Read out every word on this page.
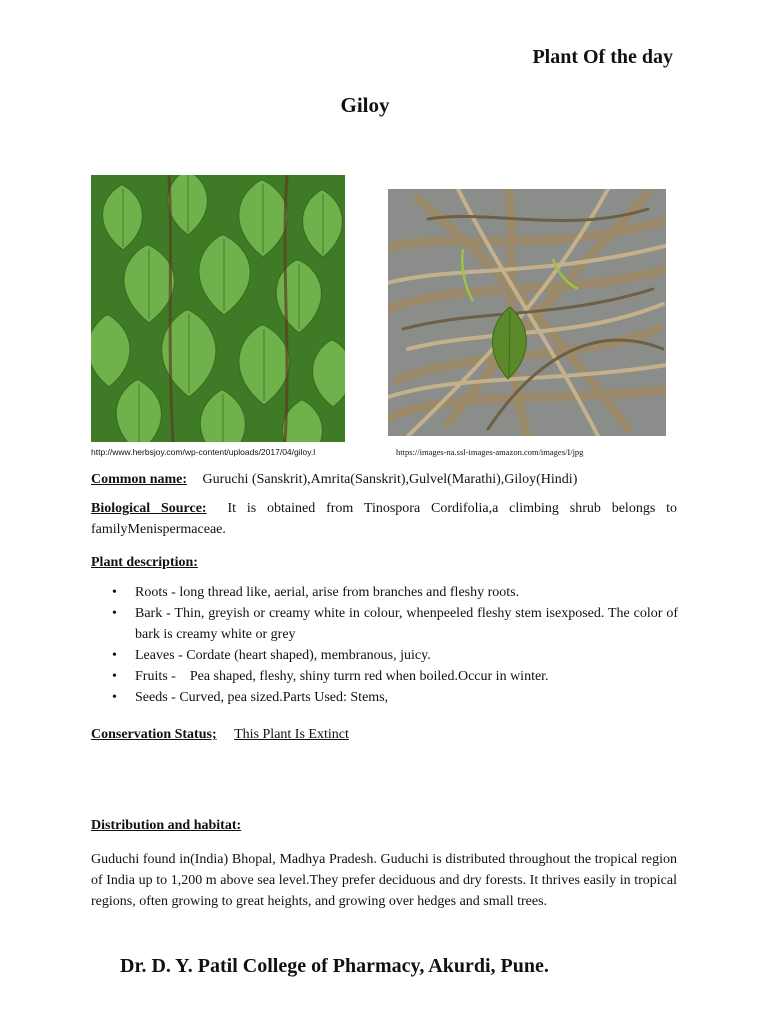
Plant Of the day
Giloy
http://www.herbsjoy.com/wp-content/uploads/2017/04/giloy.l	https://images-na.ssl-images-amazon.com/images/I/jpg
Common name: Guruchi (Sanskrit),Amrita(Sanskrit),Gulvel(Marathi),Giloy(Hindi)
Biological Source: It is obtained from Tinospora Cordifolia,a climbing shrub belongs to familyMenispermaceae.
Plant description:
• Roots - long thread like, aerial, arise from branches and fleshy roots.
• Bark - Thin, greyish or creamy white in colour, whenpeeled fleshy stem isexposed. The color of bark is creamy white or grey
• Leaves - Cordate (heart shaped), membranous, juicy.
• Fruits -    Pea shaped, fleshy, shiny turrn red when boiled.Occur in winter.
• Seeds - Curved, pea sized.Parts Used: Stems,
Conservation Status; This Plant Is Extinct
Distribution and habitat:
Guduchi found in(India) Bhopal, Madhya Pradesh. Guduchi is distributed throughout the tropical region of India up to 1,200 m above sea level.They prefer deciduous and dry forests. It thrives easily in tropical regions, often growing to great heights, and growing over hedges and small trees.
Dr. D. Y. Patil College of Pharmacy, Akurdi, Pune.
